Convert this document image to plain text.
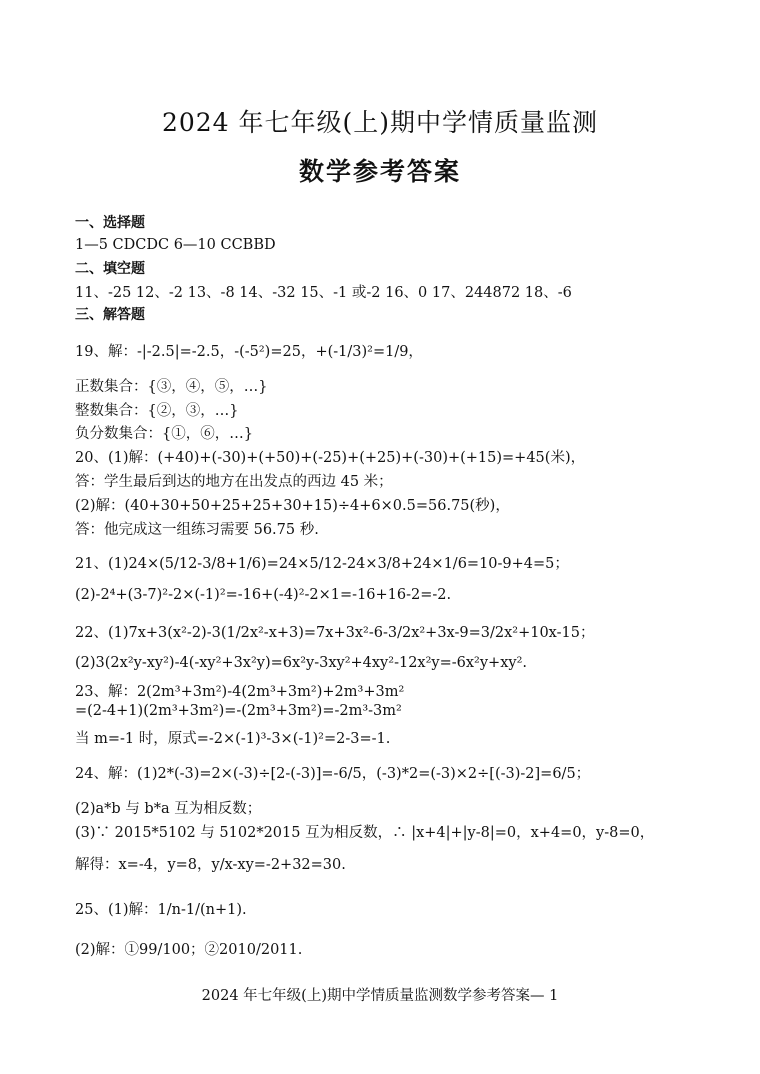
2024 年七年级(上)期中学情质量监测
数学参考答案
一、选择题
1—5 CDCDC 6—10 CCBBD
二、填空题
11、-25 12、-2 13、-8 14、-32 15、-1 或-2 16、0 17、244872 18、-6
三、解答题
19、解：-|-2.5|=-2.5，-(-5²)=25，+(-1/3)²=1/9，
正数集合：{③，④，⑤，…}
整数集合：{②，③，…}
负分数集合：{①，⑥，…}
20、(1)解：(+40)+(-30)+(+50)+(-25)+(+25)+(-30)+(+15)=+45(米)，
答：学生最后到达的地方在出发点的西边 45 米；
(2)解：(40+30+50+25+25+30+15)÷4+6×0.5=56.75(秒)，
答：他完成这一组练习需要 56.75 秒.
21、(1)24×(5/12-3/8+1/6)=24×5/12-24×3/8+24×1/6=10-9+4=5；
(2)-2⁴+(3-7)²-2×(-1)²=-16+(-4)²-2×1=-16+16-2=-2.
22、(1)7x+3(x²-2)-3(1/2x²-x+3)=7x+3x²-6-3/2x²+3x-9=3/2x²+10x-15；
(2)3(2x²y-xy²)-4(-xy²+3x²y)=6x²y-3xy²+4xy²-12x²y=-6x²y+xy².
23、解：2(2m³+3m²)-4(2m³+3m²)+2m³+3m²
=(2-4+1)(2m³+3m²)=-(2m³+3m²)=-2m³-3m²
当 m=-1 时，原式=-2×(-1)³-3×(-1)²=2-3=-1.
24、解：(1)2*(-3)=2×(-3)÷[2-(-3)]=-6/5，(-3)*2=(-3)×2÷[(-3)-2]=6/5；
(2)a*b 与 b*a 互为相反数；
(3)∵ 2015*5102 与 5102*2015 互为相反数，∴ |x+4|+|y-8|=0，x+4=0，y-8=0，
解得：x=-4，y=8，y/x-xy=-2+32=30.
25、(1)解：1/n-1/(n+1).
(2)解：①99/100；②2010/2011.
2024 年七年级(上)期中学情质量监测数学参考答案— 1
